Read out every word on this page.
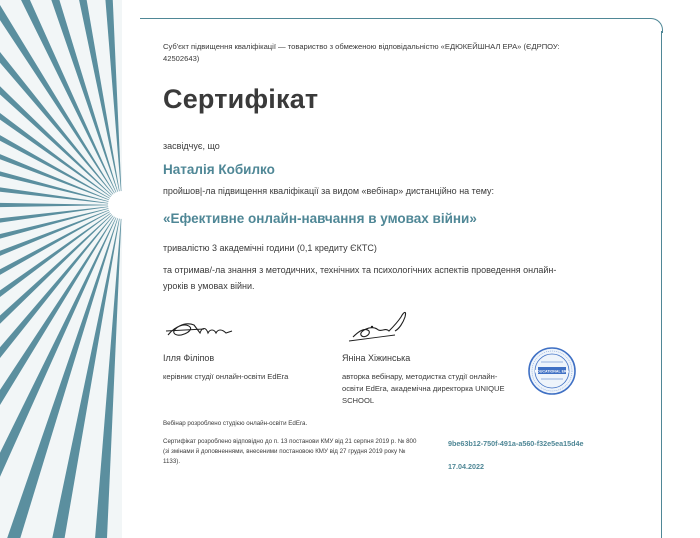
Суб'єкт підвищення кваліфікації — товариство з обмеженою відповідальністю «ЕДЮКЕЙШНАЛ ЕРА» (ЄДРПОУ: 42502643)
Сертифікат
засвідчує, що
Наталія Кобилко
пройшов|-ла підвищення кваліфікації за видом «вебінар» дистанційно на тему:
«Ефективне онлайн-навчання в умовах війни»
тривалістю 3 академічні години (0,1 кредиту ЄКТС)
та отримав/-ла знання з методичних, технічних та психологічних аспектів проведення онлайн-уроків в умовах війни.
Ілля Філіпов
керівник студії онлайн-освіти EdEra
Яніна Хіжинська
авторка вебінару, методистка студії онлайн-освіти EdEra, академічна директорка UNIQUE SCHOOL
EDUCATIONAL ERA
Вебінар розроблено студією онлайн-освіти EdEra.
Сертифікат розроблено відповідно до п. 13 постанови КМУ від 21 серпня 2019 р. № 800 (зі змінами й доповненнями, внесеними постановою КМУ від 27 грудня 2019 року № 1133).
9be63b12-750f-491a-a560-f32e5ea15d4e
17.04.2022
